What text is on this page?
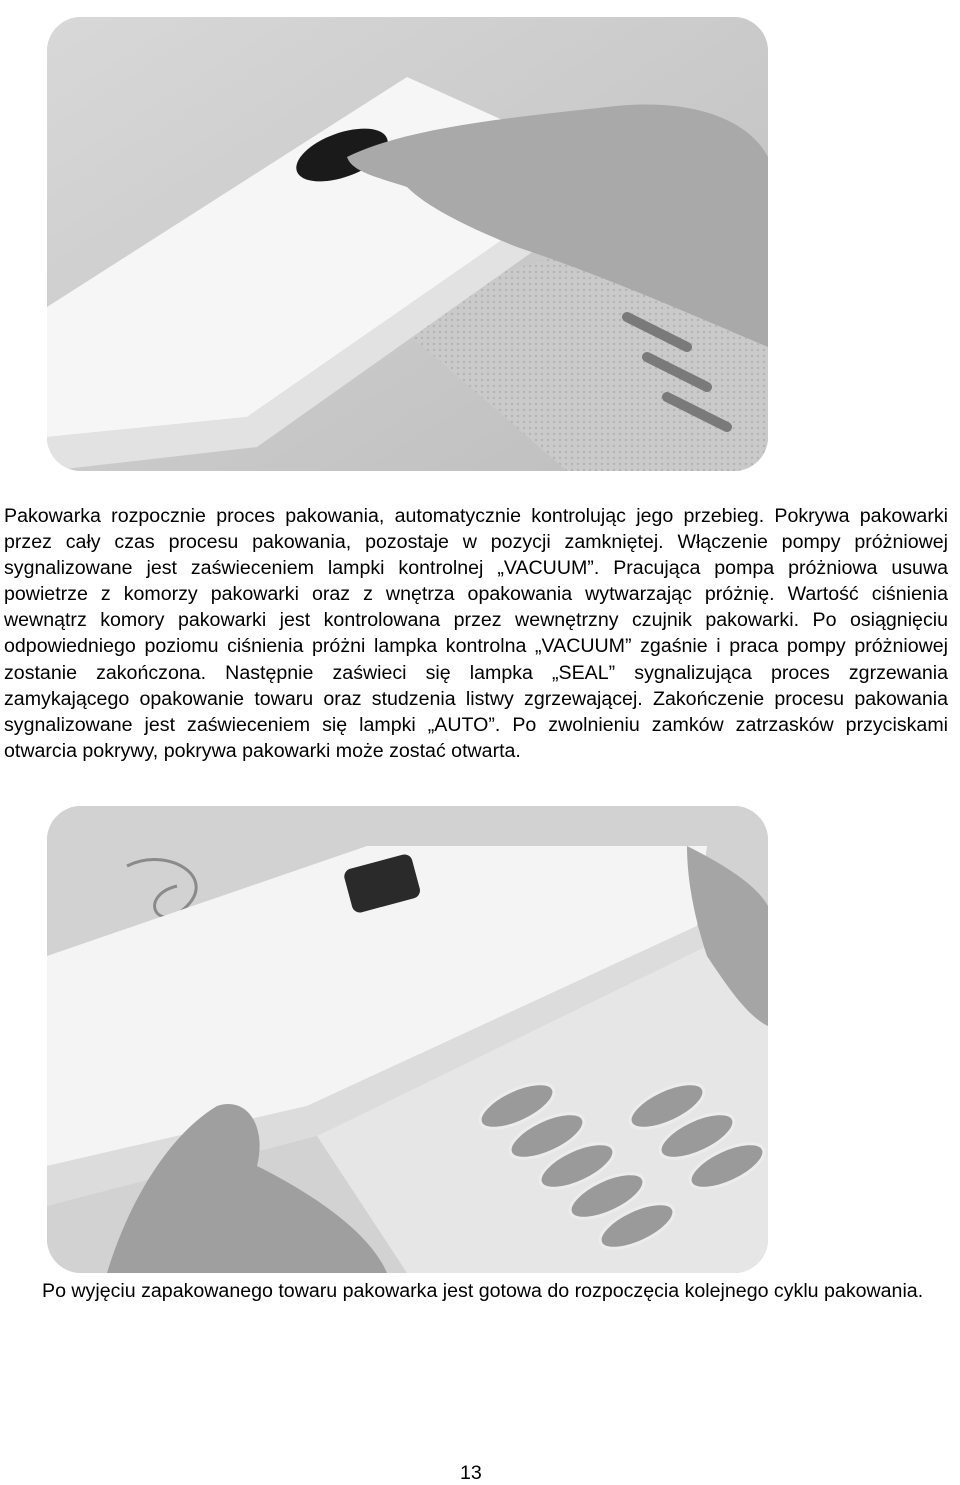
Pakowarka rozpocznie proces pakowania, automatycznie kontrolując jego przebieg. Pokrywa pakowarki przez cały czas procesu pakowania, pozostaje w pozycji zamkniętej. Włączenie pompy próżniowej sygnalizowane jest zaświeceniem lampki kontrolnej „VACUUM”. Pracująca pompa próżniowa usuwa powietrze z komorzy pakowarki oraz z wnętrza opakowania wytwarzając próżnię. Wartość ciśnienia wewnątrz komory pakowarki jest kontrolowana przez wewnętrzny czujnik pakowarki. Po osiągnięciu odpowiedniego poziomu ciśnienia próżni lampka kontrolna „VACUUM” zgaśnie i praca pompy próżniowej zostanie zakończona. Następnie zaświeci się lampka „SEAL” sygnalizująca proces zgrzewania zamykającego opakowanie towaru oraz studzenia listwy zgrzewającej. Zakończenie procesu pakowania sygnalizowane jest zaświeceniem się lampki „AUTO”. Po zwolnieniu zamków zatrzasków przyciskami otwarcia pokrywy, pokrywa pakowarki może zostać otwarta.

Po wyjęciu zapakowanego towaru pakowarka jest gotowa do rozpoczęcia kolejnego cyklu pakowania.

13
